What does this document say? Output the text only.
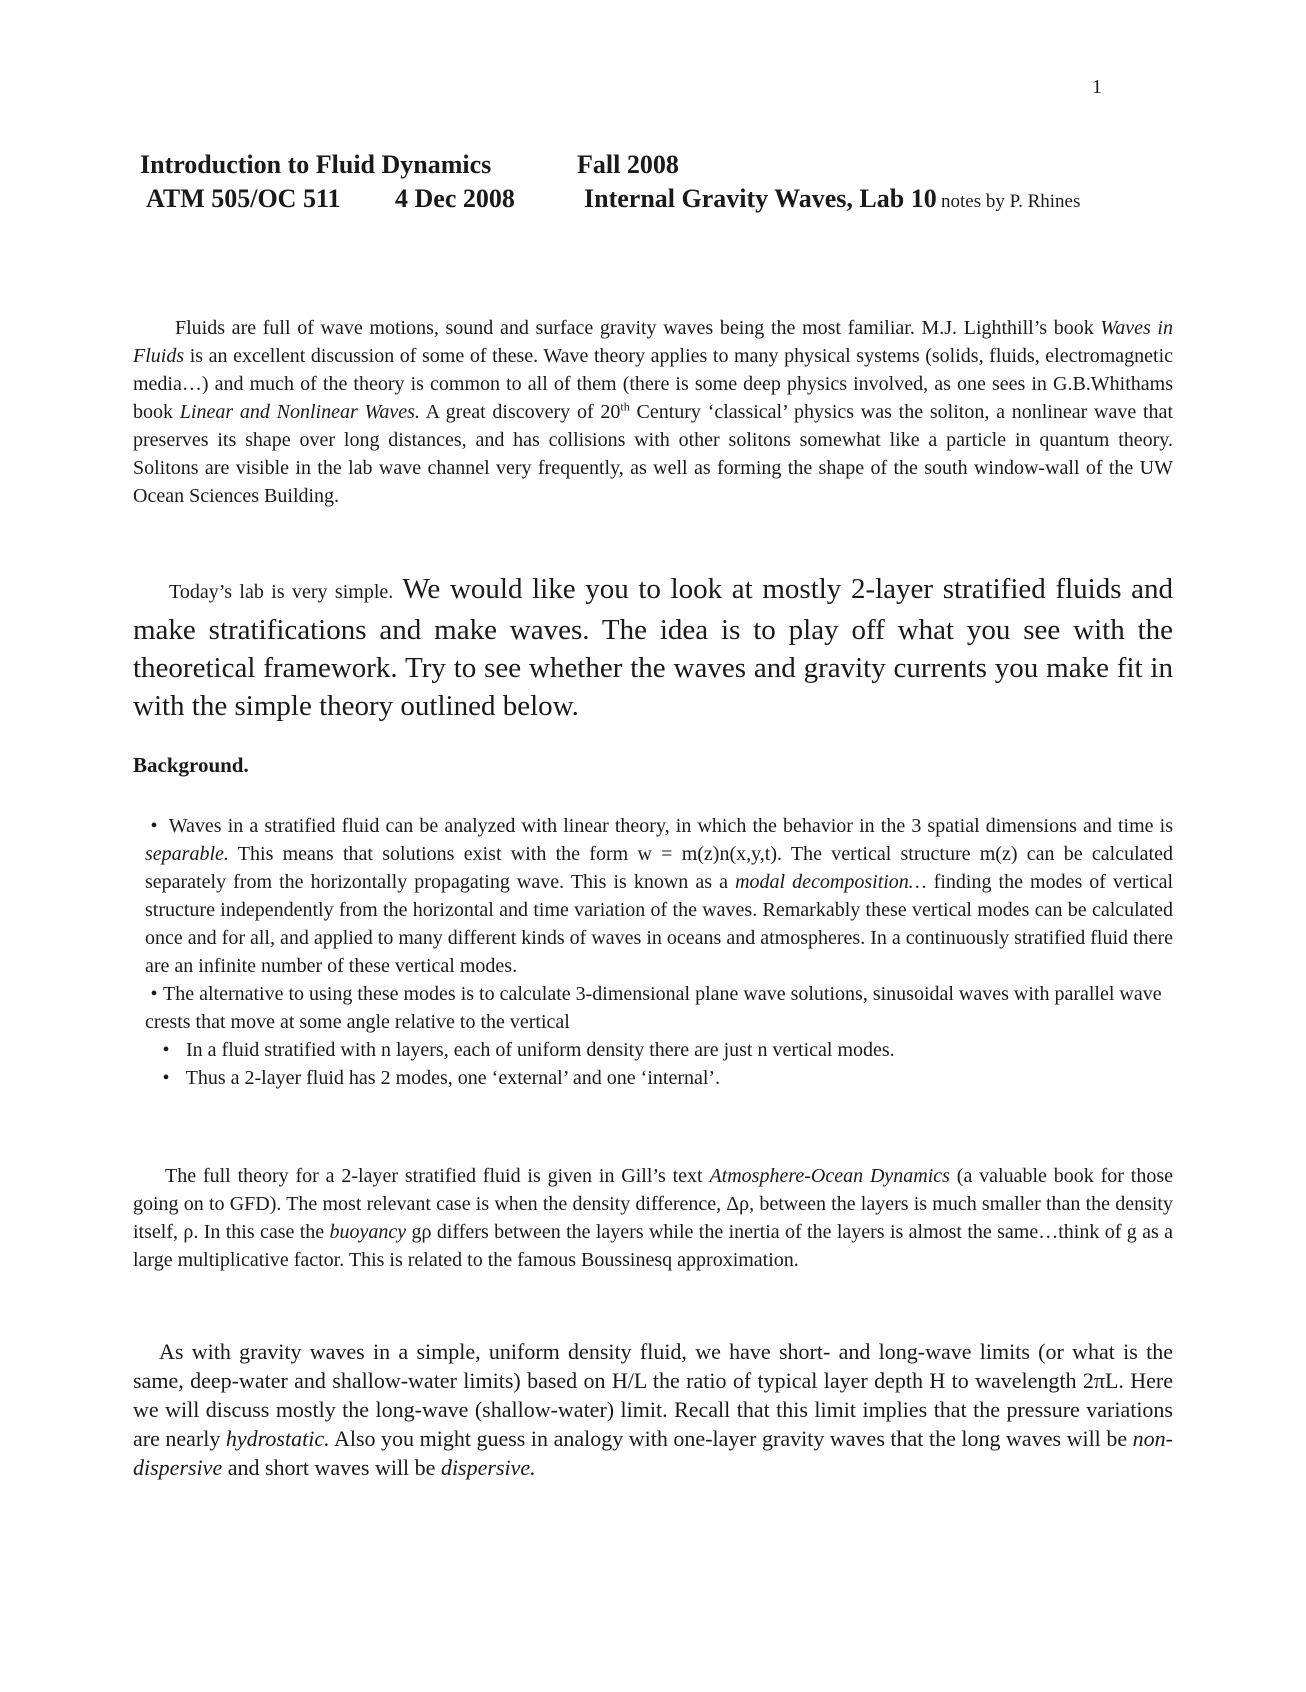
1
Introduction to Fluid Dynamics	Fall 2008
ATM 505/OC 511 4 Dec 2008	Internal Gravity Waves, Lab 10 notes by P. Rhines

Fluids are full of wave motions, sound and surface gravity waves being the most familiar. M.J. Lighthill’s book Waves in Fluids is an excellent discussion of some of these. Wave theory applies to many physical systems (solids, fluids, electromagnetic media…) and much of the theory is common to all of them (there is some deep physics involved, as one sees in G.B.Whithams book Linear and Nonlinear Waves. A great discovery of 20th Century ‘classical’ physics was the soliton, a nonlinear wave that preserves its shape over long distances, and has collisions with other solitons somewhat like a particle in quantum theory. Solitons are visible in the lab wave channel very frequently, as well as forming the shape of the south window-wall of the UW Ocean Sciences Building.

Today’s lab is very simple. We would like you to look at mostly 2-layer stratified fluids and make stratifications and make waves. The idea is to play off what you see with the theoretical framework. Try to see whether the waves and gravity currents you make fit in with the simple theory outlined below.

Background.
• Waves in a stratified fluid can be analyzed with linear theory, in which the behavior in the 3 spatial dimensions and time is separable. This means that solutions exist with the form w = m(z)n(x,y,t). The vertical structure m(z) can be calculated separately from the horizontally propagating wave. This is known as a modal decomposition… finding the modes of vertical structure independently from the horizontal and time variation of the waves. Remarkably these vertical modes can be calculated once and for all, and applied to many different kinds of waves in oceans and atmospheres. In a continuously stratified fluid there are an infinite number of these vertical modes.
• The alternative to using these modes is to calculate 3-dimensional plane wave solutions, sinusoidal waves with parallel wave crests that move at some angle relative to the vertical
• In a fluid stratified with n layers, each of uniform density there are just n vertical modes.
• Thus a 2-layer fluid has 2 modes, one ‘external’ and one ‘internal’.

The full theory for a 2-layer stratified fluid is given in Gill’s text Atmosphere-Ocean Dynamics (a valuable book for those going on to GFD). The most relevant case is when the density difference, Δρ, between the layers is much smaller than the density itself, ρ. In this case the buoyancy gρ differs between the layers while the inertia of the layers is almost the same…think of g as a large multiplicative factor. This is related to the famous Boussinesq approximation.

As with gravity waves in a simple, uniform density fluid, we have short- and long-wave limits (or what is the same, deep-water and shallow-water limits) based on H/L the ratio of typical layer depth H to wavelength 2πL. Here we will discuss mostly the long-wave (shallow-water) limit. Recall that this limit implies that the pressure variations are nearly hydrostatic. Also you might guess in analogy with one-layer gravity waves that the long waves will be non-dispersive and short waves will be dispersive.
